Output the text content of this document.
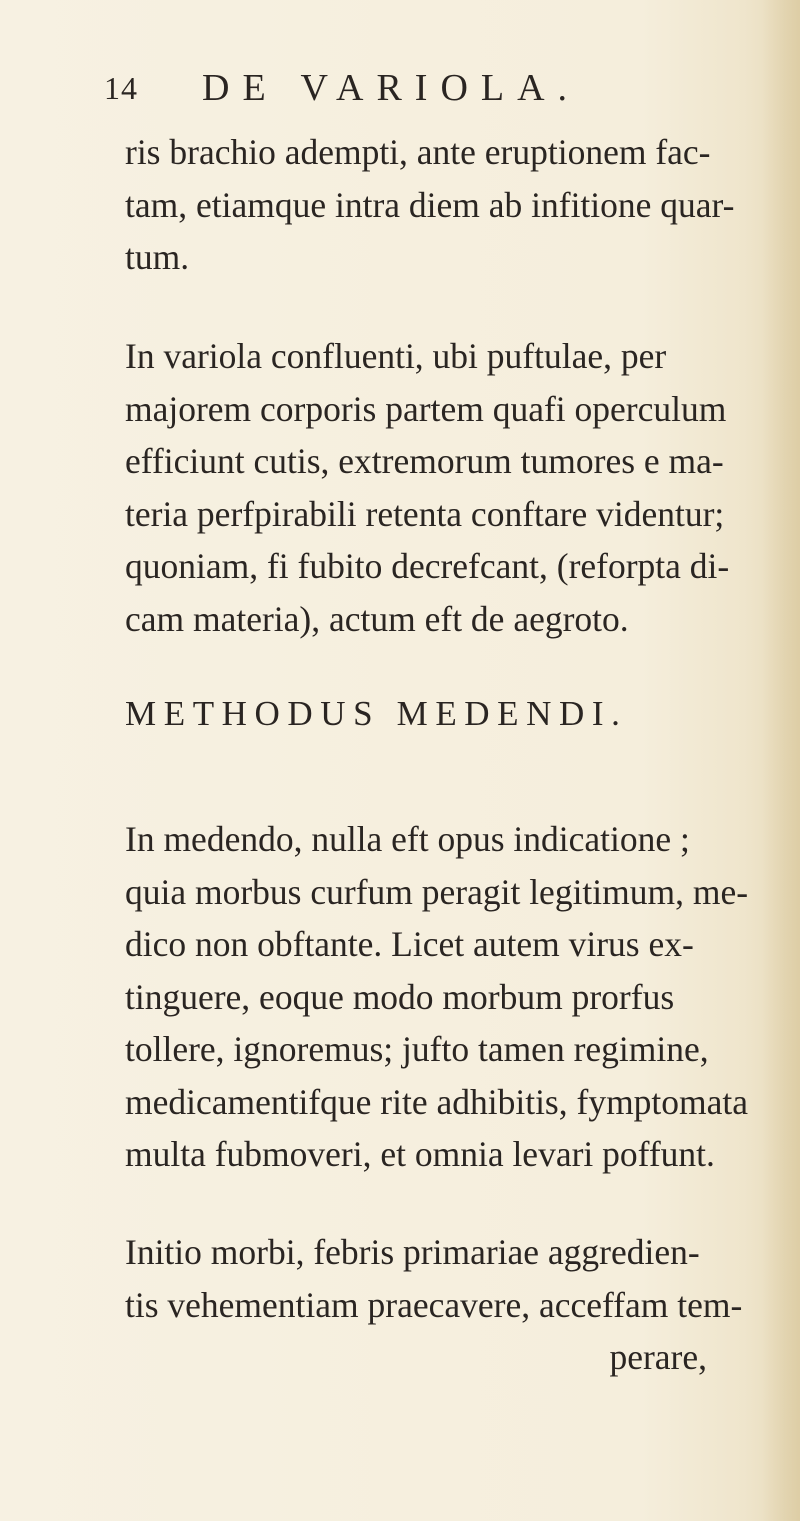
14 DE VARIOLA.
ris brachio adempti, ante eruptionem fac-
tam, etiamque intra diem ab infitione quar-
tum.
In variola confluenti, ubi puftulae, per
majorem corporis partem quafi operculum
efficiunt cutis, extremorum tumores e ma-
teria perfpirabili retenta conftare videntur;
quoniam, fi fubito decrefcant, (reforpta di-
cam materia), actum eft de aegroto.
METHODUS MEDENDI.
In medendo, nulla eft opus indicatione ;
quia morbus curfum peragit legitimum, me-
dico non obftante. Licet autem virus ex-
tinguere, eoque modo morbum prorfus
tollere, ignoremus; jufto tamen regimine,
medicamentifque rite adhibitis, fymptomata
multa fubmoveri, et omnia levari poffunt.
Initio morbi, febris primariae aggredien-
tis vehementiam praecavere, acceffam tem-
perare,
